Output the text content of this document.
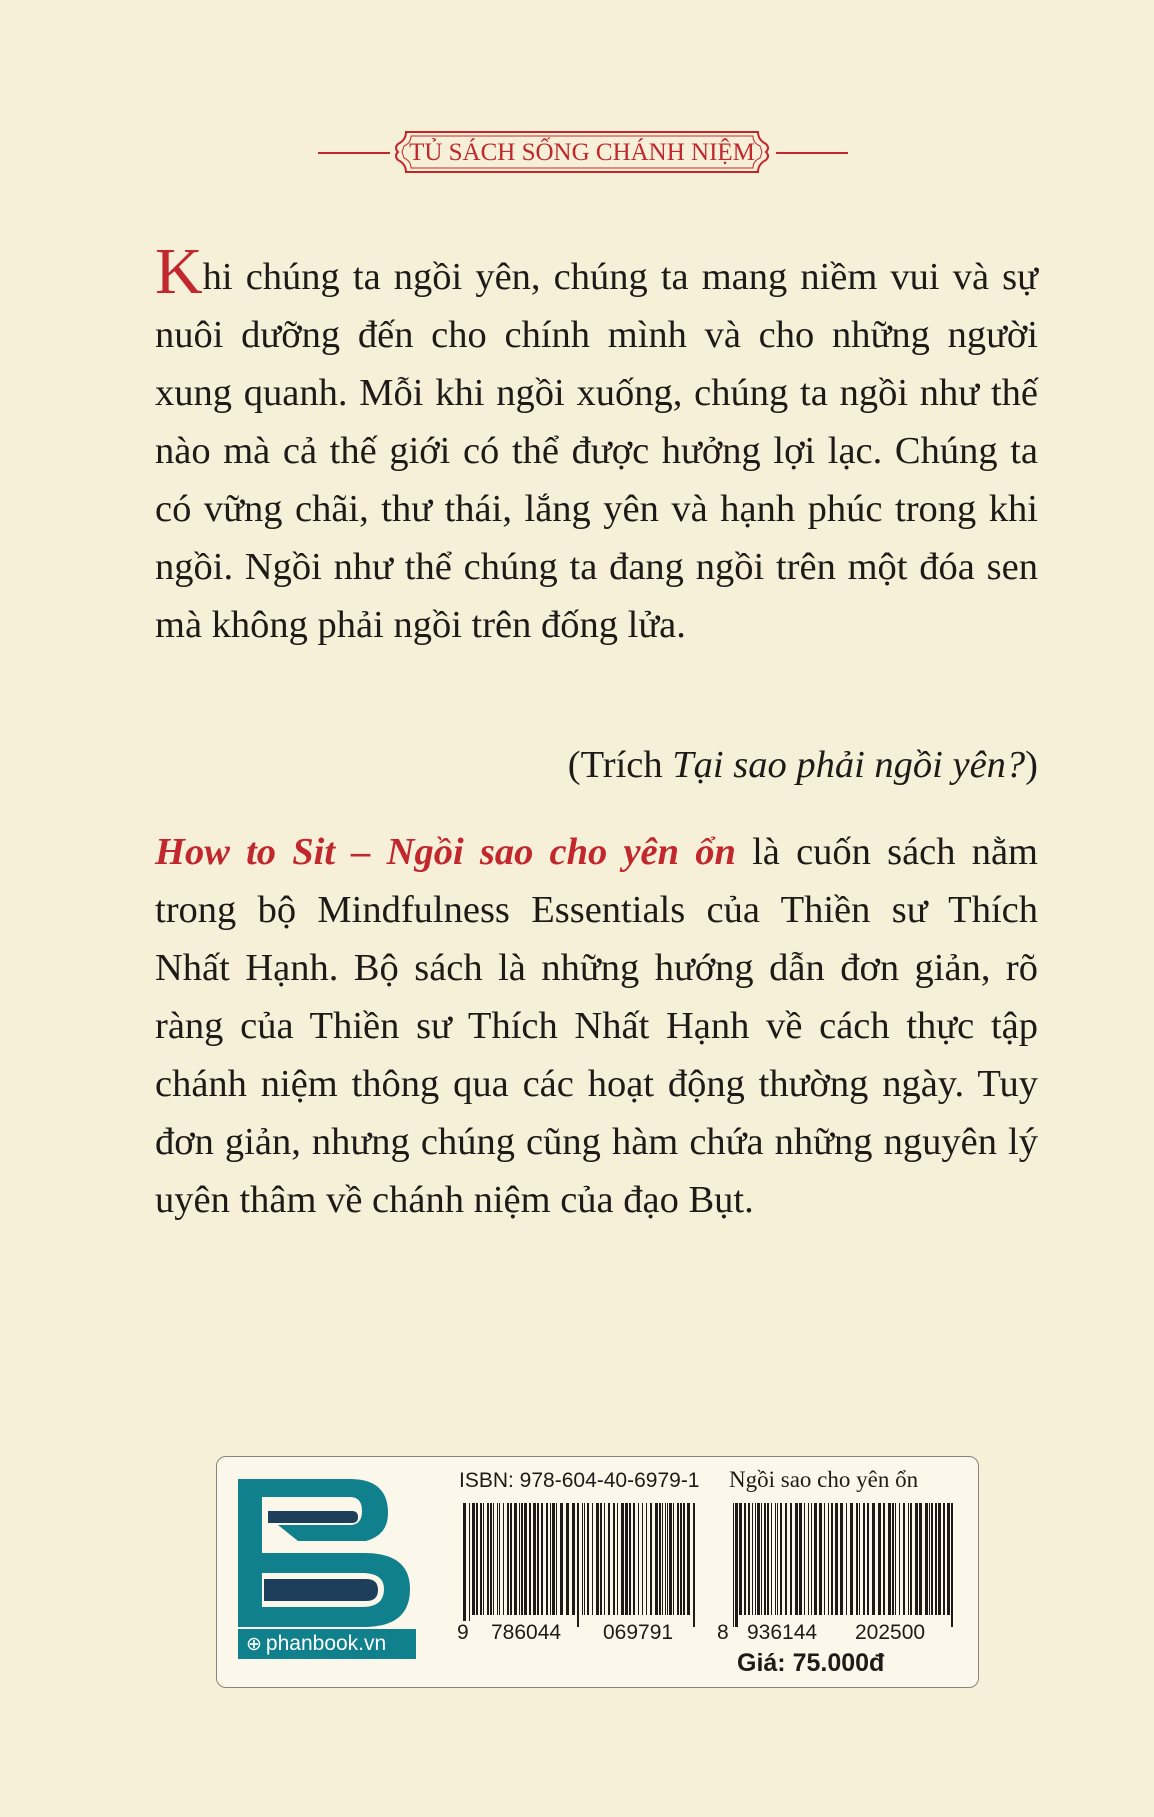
TỦ SÁCH SỐNG CHÁNH NIỆM

Khi chúng ta ngồi yên, chúng ta mang niềm vui và sự nuôi dưỡng đến cho chính mình và cho những người xung quanh. Mỗi khi ngồi xuống, chúng ta ngồi như thế nào mà cả thế giới có thể được hưởng lợi lạc. Chúng ta có vững chãi, thư thái, lắng yên và hạnh phúc trong khi ngồi. Ngồi như thể chúng ta đang ngồi trên một đóa sen mà không phải ngồi trên đống lửa.

(Trích Tại sao phải ngồi yên?)

How to Sit – Ngồi sao cho yên ổn là cuốn sách nằm trong bộ Mindfulness Essentials của Thiền sư Thích Nhất Hạnh. Bộ sách là những hướng dẫn đơn giản, rõ ràng của Thiền sư Thích Nhất Hạnh về cách thực tập chánh niệm thông qua các hoạt động thường ngày. Tuy đơn giản, nhưng chúng cũng hàm chứa những nguyên lý uyên thâm về chánh niệm của đạo Bụt.

⊕ phanbook.vn
ISBN: 978-604-40-6979-1 Ngồi sao cho yên ổn
9 786044 069791 8 936144 202500
Giá: 75.000đ
